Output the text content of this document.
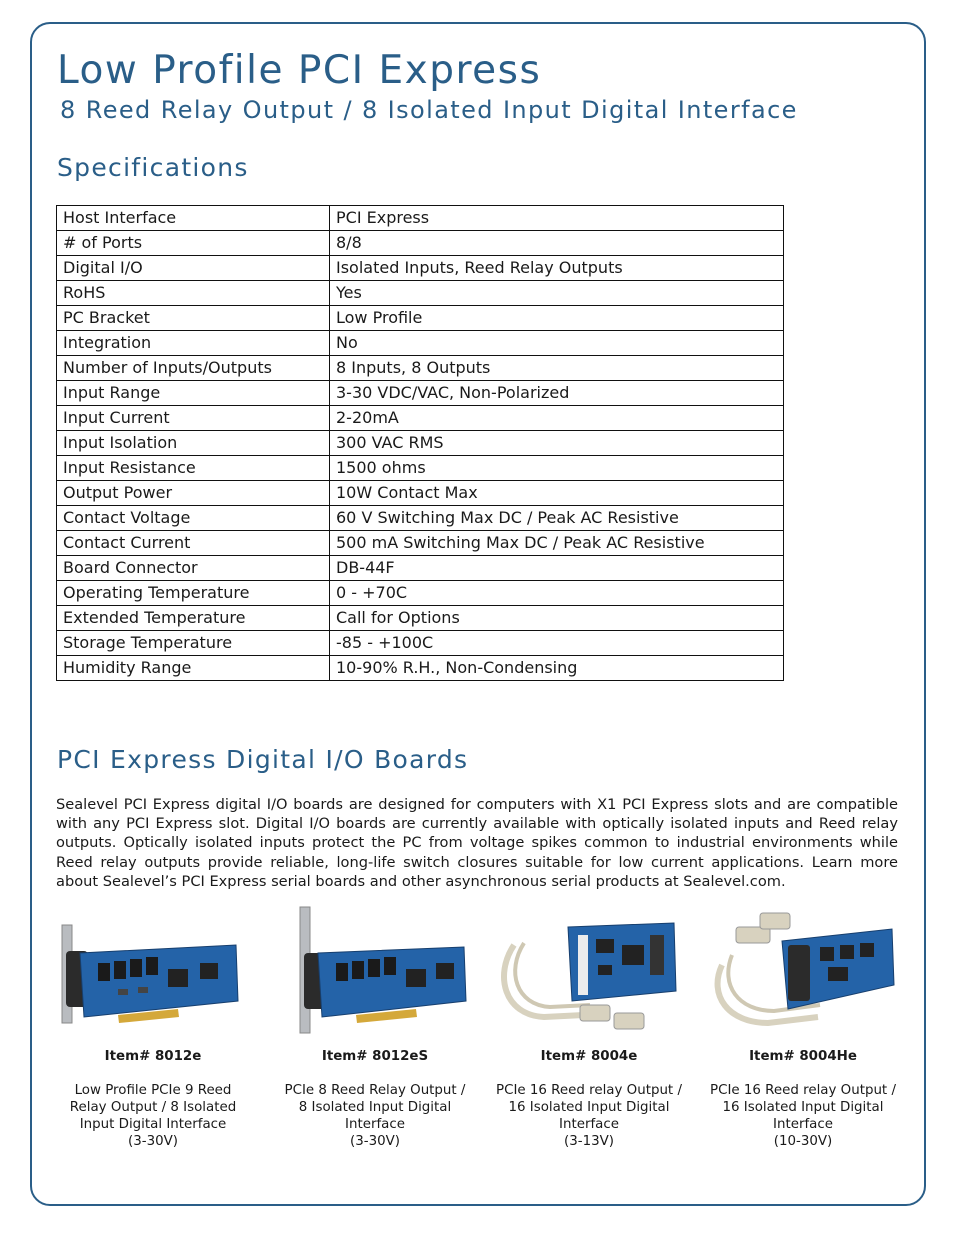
Low Profile PCI Express
8 Reed Relay Output / 8 Isolated Input Digital Interface
Specifications
Host Interface	PCI Express
# of Ports	8/8
Digital I/O	Isolated Inputs, Reed Relay Outputs
RoHS	Yes
PC Bracket	Low Profile
Integration	No
Number of Inputs/Outputs	8 Inputs, 8 Outputs
Input Range	3-30 VDC/VAC, Non-Polarized
Input Current	2-20mA
Input Isolation	300 VAC RMS
Input Resistance	1500 ohms
Output Power	10W Contact Max
Contact Voltage	60 V Switching Max DC / Peak AC Resistive
Contact Current	500 mA Switching Max DC / Peak AC Resistive
Board Connector	DB-44F
Operating Temperature	0 - +70C
Extended Temperature	Call for Options
Storage Temperature	-85 - +100C
Humidity Range	10-90% R.H., Non-Condensing
PCI Express Digital I/O Boards

Sealevel PCI Express digital I/O boards are designed for computers with X1 PCI Express slots and are compatible with any PCI Express slot. Digital I/O boards are currently available with optically isolated inputs and Reed relay outputs. Optically isolated inputs protect the PC from voltage spikes common to industrial environments while Reed relay outputs provide reliable, long-life switch closures suitable for low current applications. Learn more about Sealevel’s PCI Express serial boards and other asynchronous serial products at Sealevel.com.

Item# 8012e
Low Profile PCIe 9 Reed Relay Output / 8 Isolated Input Digital Interface
(3-30V)
Item# 8012eS
PCIe 8 Reed Relay Output / 8 Isolated Input Digital Interface
(3-30V)
Item# 8004e
PCIe 16 Reed relay Output / 16 Isolated Input Digital Interface
(3-13V)
Item# 8004He
PCIe 16 Reed relay Output / 16 Isolated Input Digital Interface
(10-30V)
